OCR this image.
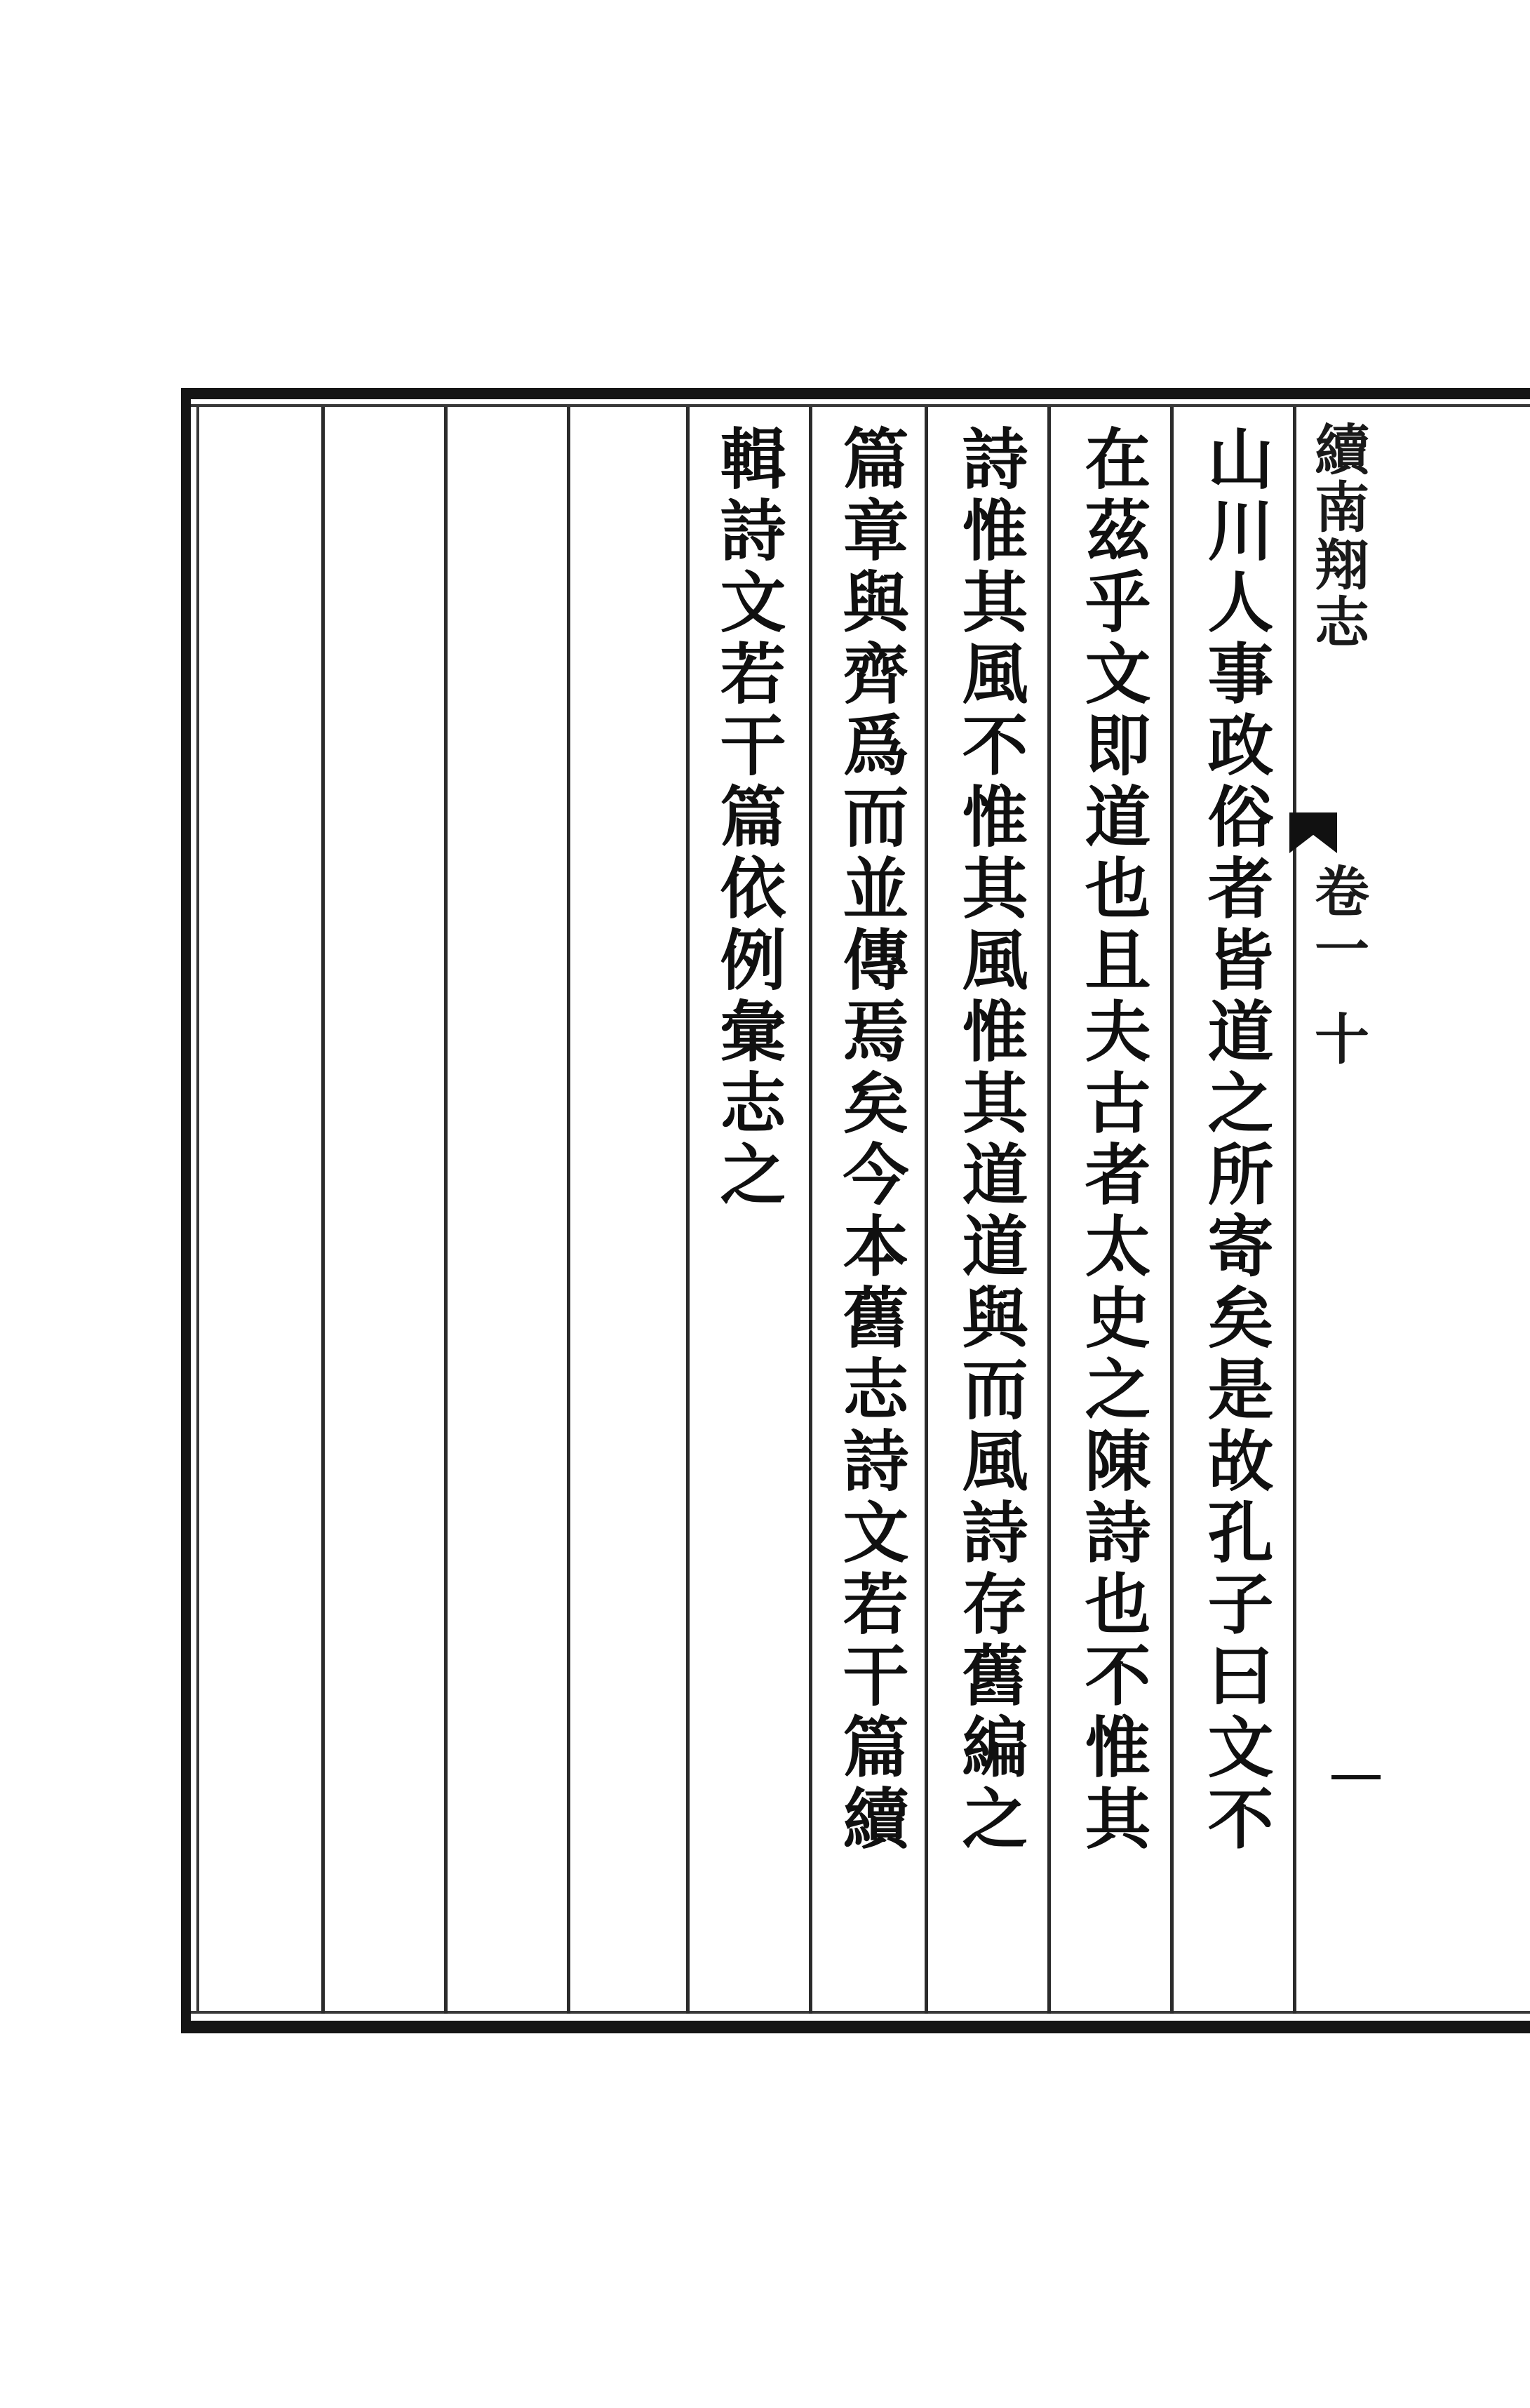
續南翔志
卷一
十
山川人事政俗者皆道之所寄矣是故孔子曰文不
在茲乎文即道也且夫古者太史之陳詩也不惟其
詩惟其風不惟其風惟其道道與而風詩存舊編之
篇章與齊爲而並傳焉矣今本舊志詩文若干篇續
輯詩文若干篇依例彙志之
